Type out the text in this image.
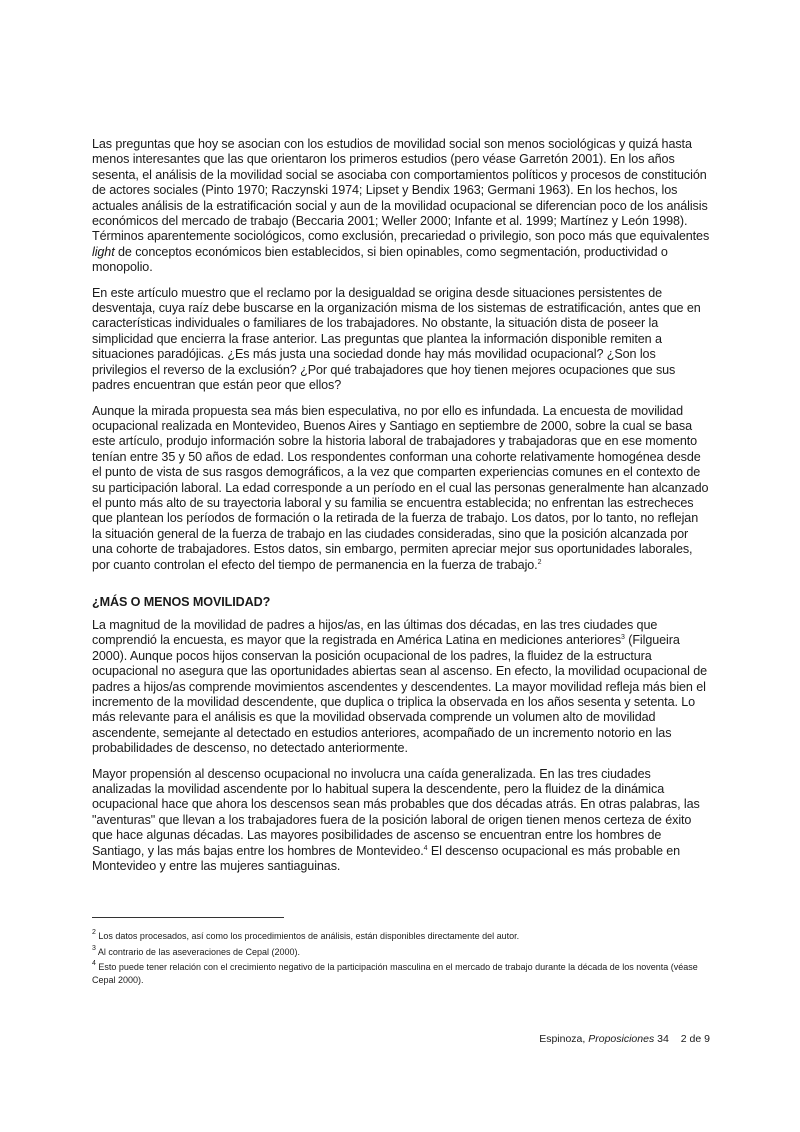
Las preguntas que hoy se asocian con los estudios de movilidad social son menos sociológicas y quizá hasta menos interesantes que las que orientaron los primeros estudios (pero véase Garretón 2001). En los años sesenta, el análisis de la movilidad social se asociaba con comportamientos políticos y procesos de constitución de actores sociales (Pinto 1970; Raczynski 1974; Lipset y Bendix 1963; Germani 1963). En los hechos, los actuales análisis de la estratificación social y aun de la movilidad ocupacional se diferencian poco de los análisis económicos del mercado de trabajo (Beccaria 2001; Weller 2000; Infante et al. 1999; Martínez y León 1998). Términos aparentemente sociológicos, como exclusión, precariedad o privilegio, son poco más que equivalentes light de conceptos económicos bien establecidos, si bien opinables, como segmentación, productividad o monopolio.

En este artículo muestro que el reclamo por la desigualdad se origina desde situaciones persistentes de desventaja, cuya raíz debe buscarse en la organización misma de los sistemas de estratificación, antes que en características individuales o familiares de los trabajadores. No obstante, la situación dista de poseer la simplicidad que encierra la frase anterior. Las preguntas que plantea la información disponible remiten a situaciones paradójicas. ¿Es más justa una sociedad donde hay más movilidad ocupacional? ¿Son los privilegios el reverso de la exclusión? ¿Por qué trabajadores que hoy tienen mejores ocupaciones que sus padres encuentran que están peor que ellos?

Aunque la mirada propuesta sea más bien especulativa, no por ello es infundada. La encuesta de movilidad ocupacional realizada en Montevideo, Buenos Aires y Santiago en septiembre de 2000, sobre la cual se basa este artículo, produjo información sobre la historia laboral de trabajadores y trabajadoras que en ese momento tenían entre 35 y 50 años de edad. Los respondentes conforman una cohorte relativamente homogénea desde el punto de vista de sus rasgos demográficos, a la vez que comparten experiencias comunes en el contexto de su participación laboral. La edad corresponde a un período en el cual las personas generalmente han alcanzado el punto más alto de su trayectoria laboral y su familia se encuentra establecida; no enfrentan las estrecheces que plantean los períodos de formación o la retirada de la fuerza de trabajo. Los datos, por lo tanto, no reflejan la situación general de la fuerza de trabajo en las ciudades consideradas, sino que la posición alcanzada por una cohorte de trabajadores. Estos datos, sin embargo, permiten apreciar mejor sus oportunidades laborales, por cuanto controlan el efecto del tiempo de permanencia en la fuerza de trabajo.$^2$

¿MÁS O MENOS MOVILIDAD?

La magnitud de la movilidad de padres a hijos/as, en las últimas dos décadas, en las tres ciudades que comprendió la encuesta, es mayor que la registrada en América Latina en mediciones anteriores$^3$ (Filgueira 2000). Aunque pocos hijos conservan la posición ocupacional de los padres, la fluidez de la estructura ocupacional no asegura que las oportunidades abiertas sean al ascenso. En efecto, la movilidad ocupacional de padres a hijos/as comprende movimientos ascendentes y descendentes. La mayor movilidad refleja más bien el incremento de la movilidad descendente, que duplica o triplica la observada en los años sesenta y setenta. Lo más relevante para el análisis es que la movilidad observada comprende un volumen alto de movilidad ascendente, semejante al detectado en estudios anteriores, acompañado de un incremento notorio en las probabilidades de descenso, no detectado anteriormente.

Mayor propensión al descenso ocupacional no involucra una caída generalizada. En las tres ciudades analizadas la movilidad ascendente por lo habitual supera la descendente, pero la fluidez de la dinámica ocupacional hace que ahora los descensos sean más probables que dos décadas atrás. En otras palabras, las "aventuras" que llevan a los trabajadores fuera de la posición laboral de origen tienen menos certeza de éxito que hace algunas décadas. Las mayores posibilidades de ascenso se encuentran entre los hombres de Santiago, y las más bajas entre los hombres de Montevideo.$^4$ El descenso ocupacional es más probable en Montevideo y entre las mujeres santiaguinas.

$^2$ Los datos procesados, así como los procedimientos de análisis, están disponibles directamente del autor.

$^3$ Al contrario de las aseveraciones de Cepal (2000).

$^4$ Esto puede tener relación con el crecimiento negativo de la participación masculina en el mercado de trabajo durante la década de los noventa (véase Cepal 2000).

Espinoza, Proposiciones 34 2 de 9
